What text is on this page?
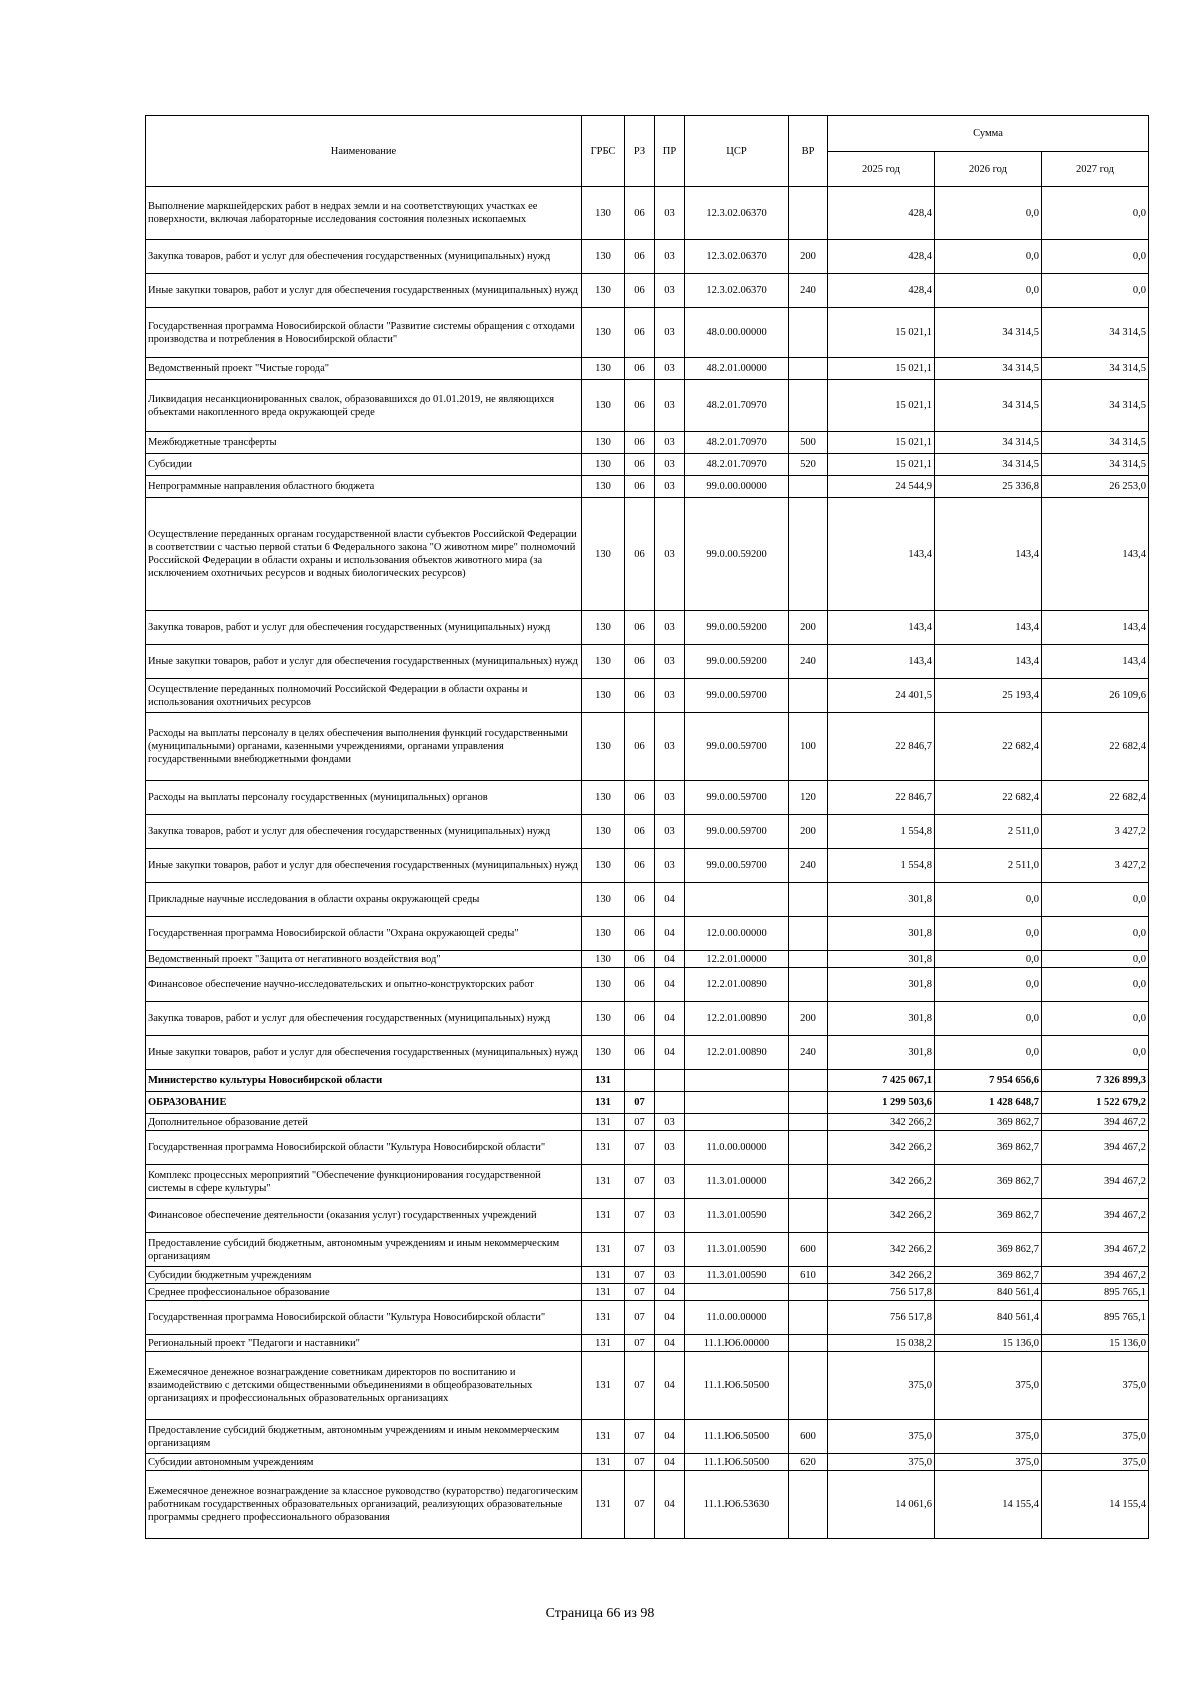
Наименование	ГРБС	РЗ	ПР	ЦСР	ВР	Сумма		
						2025 год	2026 год	2027 год
Выполнение маркшейдерских работ в недрах земли и на соответствующих участках ее поверхности, включая лабораторные исследования состояния полезных ископаемых	130	06	03	12.3.02.06370		428,4	0,0	0,0
Закупка товаров, работ и услуг для обеспечения государственных (муниципальных) нужд	130	06	03	12.3.02.06370	200	428,4	0,0	0,0
Иные закупки товаров, работ и услуг для обеспечения государственных (муниципальных) нужд	130	06	03	12.3.02.06370	240	428,4	0,0	0,0
Государственная программа Новосибирской области "Развитие системы обращения с отходами производства и потребления в Новосибирской области"	130	06	03	48.0.00.00000		15 021,1	34 314,5	34 314,5
Ведомственный проект "Чистые города"	130	06	03	48.2.01.00000		15 021,1	34 314,5	34 314,5
Ликвидация несанкционированных свалок, образовавшихся до 01.01.2019, не являющихся объектами накопленного вреда окружающей среде	130	06	03	48.2.01.70970		15 021,1	34 314,5	34 314,5
Межбюджетные трансферты	130	06	03	48.2.01.70970	500	15 021,1	34 314,5	34 314,5
Субсидии	130	06	03	48.2.01.70970	520	15 021,1	34 314,5	34 314,5
Непрограммные направления областного бюджета	130	06	03	99.0.00.00000		24 544,9	25 336,8	26 253,0
Осуществление переданных органам государственной власти субъектов Российской Федерации в соответствии с частью первой статьи 6 Федерального закона "О животном мире" полномочий Российской Федерации в области охраны и использования объектов животного мира (за исключением охотничьих ресурсов и водных биологических ресурсов)	130	06	03	99.0.00.59200		143,4	143,4	143,4
Закупка товаров, работ и услуг для обеспечения государственных (муниципальных) нужд	130	06	03	99.0.00.59200	200	143,4	143,4	143,4
Иные закупки товаров, работ и услуг для обеспечения государственных (муниципальных) нужд	130	06	03	99.0.00.59200	240	143,4	143,4	143,4
Осуществление переданных полномочий Российской Федерации в области охраны и использования охотничьих ресурсов	130	06	03	99.0.00.59700		24 401,5	25 193,4	26 109,6
Расходы на выплаты персоналу в целях обеспечения выполнения функций государственными (муниципальными) органами, казенными учреждениями, органами управления государственными внебюджетными фондами	130	06	03	99.0.00.59700	100	22 846,7	22 682,4	22 682,4
Расходы на выплаты персоналу государственных (муниципальных) органов	130	06	03	99.0.00.59700	120	22 846,7	22 682,4	22 682,4
Закупка товаров, работ и услуг для обеспечения государственных (муниципальных) нужд	130	06	03	99.0.00.59700	200	1 554,8	2 511,0	3 427,2
Иные закупки товаров, работ и услуг для обеспечения государственных (муниципальных) нужд	130	06	03	99.0.00.59700	240	1 554,8	2 511,0	3 427,2
Прикладные научные исследования в области охраны окружающей среды	130	06	04			301,8	0,0	0,0
Государственная программа Новосибирской области "Охрана окружающей среды"	130	06	04	12.0.00.00000		301,8	0,0	0,0
Ведомственный проект "Защита от негативного воздействия вод"	130	06	04	12.2.01.00000		301,8	0,0	0,0
Финансовое обеспечение научно-исследовательских и опытно-конструкторских работ	130	06	04	12.2.01.00890		301,8	0,0	0,0
Закупка товаров, работ и услуг для обеспечения государственных (муниципальных) нужд	130	06	04	12.2.01.00890	200	301,8	0,0	0,0
Иные закупки товаров, работ и услуг для обеспечения государственных (муниципальных) нужд	130	06	04	12.2.01.00890	240	301,8	0,0	0,0
Министерство культуры Новосибирской области	131					7 425 067,1	7 954 656,6	7 326 899,3
ОБРАЗОВАНИЕ	131	07				1 299 503,6	1 428 648,7	1 522 679,2
Дополнительное образование детей	131	07	03			342 266,2	369 862,7	394 467,2
Государственная программа Новосибирской области "Культура Новосибирской области"	131	07	03	11.0.00.00000		342 266,2	369 862,7	394 467,2
Комплекс процессных мероприятий "Обеспечение функционирования государственной системы в сфере культуры"	131	07	03	11.3.01.00000		342 266,2	369 862,7	394 467,2
Финансовое обеспечение деятельности (оказания услуг) государственных учреждений	131	07	03	11.3.01.00590		342 266,2	369 862,7	394 467,2
Предоставление субсидий бюджетным, автономным учреждениям и иным некоммерческим организациям	131	07	03	11.3.01.00590	600	342 266,2	369 862,7	394 467,2
Субсидии бюджетным учреждениям	131	07	03	11.3.01.00590	610	342 266,2	369 862,7	394 467,2
Среднее профессиональное образование	131	07	04			756 517,8	840 561,4	895 765,1
Государственная программа Новосибирской области "Культура Новосибирской области"	131	07	04	11.0.00.00000		756 517,8	840 561,4	895 765,1
Региональный проект "Педагоги и наставники"	131	07	04	11.1.Ю6.00000		15 038,2	15 136,0	15 136,0
Ежемесячное денежное вознаграждение советникам директоров по воспитанию и взаимодействию с детскими общественными объединениями в общеобразовательных организациях и профессиональных образовательных организациях	131	07	04	11.1.Ю6.50500		375,0	375,0	375,0
Предоставление субсидий бюджетным, автономным учреждениям и иным некоммерческим организациям	131	07	04	11.1.Ю6.50500	600	375,0	375,0	375,0
Субсидии автономным учреждениям	131	07	04	11.1.Ю6.50500	620	375,0	375,0	375,0
Ежемесячное денежное вознаграждение за классное руководство (кураторство) педагогическим работникам государственных образовательных организаций, реализующих образовательные программы среднего профессионального образования	131	07	04	11.1.Ю6.53630		14 061,6	14 155,4	14 155,4
Страница 66 из 98
